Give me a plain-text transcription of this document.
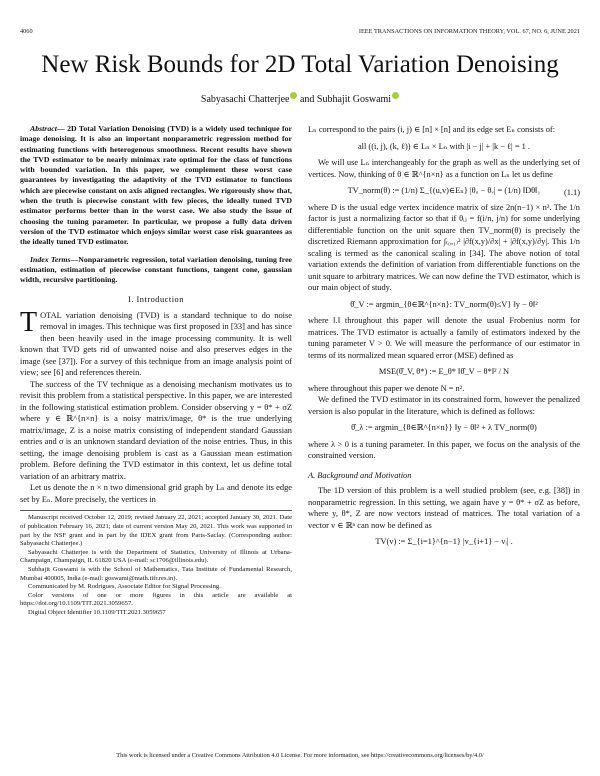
4060	IEEE TRANSACTIONS ON INFORMATION THEORY, VOL. 67, NO. 6, JUNE 2021
New Risk Bounds for 2D Total Variation Denoising
Sabyasachi Chatterjee and Subhajit Goswami

Abstract— 2D Total Variation Denoising (TVD) is a widely used technique for image denoising. It is also an important nonparametric regression method for estimating functions with heterogenous smoothness. Recent results have shown the TVD estimator to be nearly minimax rate optimal for the class of functions with bounded variation. In this paper, we complement these worst case guarantees by investigating the adaptivity of the TVD estimator to functions which are piecewise constant on axis aligned rectangles. We rigorously show that, when the truth is piecewise constant with few pieces, the ideally tuned TVD estimator performs better than in the worst case. We also study the issue of choosing the tuning parameter. In particular, we propose a fully data driven version of the TVD estimator which enjoys similar worst case risk guarantees as the ideally tuned TVD estimator.

Index Terms—Nonparametric regression, total variation denoising, tuning free estimation, estimation of piecewise constant functions, tangent cone, gaussian width, recursive partitioning.

I. Introduction

TOTAL variation denoising (TVD) is a standard technique to do noise removal in images. This technique was first proposed in [33] and has since then been heavily used in the image processing community. It is well known that TVD gets rid of unwanted noise and also preserves edges in the image (see [37]). For a survey of this technique from an image analysis point of view; see [6] and references therein.

The success of the TV technique as a denoising mechanism motivates us to revisit this problem from a statistical perspective. In this paper, we are interested in the following statistical estimation problem. Consider observing y = θ* + σZ where y ∈ ℝ^{n×n} is a noisy matrix/image, θ* is the true underlying matrix/image, Z is a noise matrix consisting of independent standard Gaussian entries and σ is an unknown standard deviation of the noise entries. Thus, in this setting, the image denoising problem is cast as a Gaussian mean estimation problem. Before defining the TVD estimator in this context, let us define total variation of an arbitrary matrix.

Let us denote the n × n two dimensional grid graph by Lₙ and denote its edge set by Eₙ. More precisely, the vertices in

Manuscript received October 12, 2019; revised January 22, 2021; accepted January 30, 2021. Date of publication February 16, 2021; date of current version May 20, 2021. This work was supported in part by the NSF grant and in part by the IDEX grant from Paris-Saclay. (Corresponding author: Sabyasachi Chatterjee.)

Sabyasachi Chatterjee is with the Department of Statistics, University of Illinois at Urbana-Champaign, Champaign, IL 61820 USA (e-mail: sc1706@illinois.edu).

Subhajit Goswami is with the School of Mathematics, Tata Institute of Fundamental Research, Mumbai 400005, India (e-mail: goswami@math.tifr.res.in).

Communicated by M. Rodrigues, Associate Editor for Signal Processing.

Color versions of one or more figures in this article are available at https://doi.org/10.1109/TIT.2021.3059657.

Digital Object Identifier 10.1109/TIT.2021.3059657

Lₙ correspond to the pairs (i, j) ∈ [n] × [n] and its edge set Eₙ consists of:

all ((i, j), (k, ℓ)) ∈ Lₙ × Lₙ with |i − j| + |k − ℓ| = 1 .

We will use Lₙ interchangeably for the graph as well as the underlying set of vertices. Now, thinking of θ ∈ ℝ^{n×n} as a function on Lₙ let us define

TV_norm(θ) := (1/n) Σ_{(u,v)∈Eₙ} |θᵤ − θᵥ| = (1/n) ‖Dθ‖₁	(1.1)

where D is the usual edge vertex incidence matrix of size 2n(n−1) × n². The 1/n factor is just a normalizing factor so that if θᵢⱼ = f(i/n, j/n) for some underlying differentiable function on the unit square then TV_norm(θ) is precisely the discretized Riemann approximation for ∫₍₀,₁₎² |∂f(x,y)/∂x| + |∂f(x,y)/∂y|. This 1/n scaling is termed as the canonical scaling in [34]. The above notion of total variation extends the definition of variation from differentiable functions on the unit square to arbitrary matrices. We can now define the TVD estimator, which is our main object of study.

θ̂_V := argmin_{θ∈ℝ^{n×n}: TV_norm(θ)≤V} ‖y − θ‖²

where ‖.‖ throughout this paper will denote the usual Frobenius norm for matrices. The TVD estimator is actually a family of estimators indexed by the tuning parameter V > 0. We will measure the performance of our estimator in terms of its normalized mean squared error (MSE) defined as

MSE(θ̂_V, θ*) := E_θ* ‖θ̂_V − θ*‖² / N

where throughout this paper we denote N = n².

We defined the TVD estimator in its constrained form, however the penalized version is also popular in the literature, which is defined as follows:

θ̂_λ := argmin_{θ∈ℝ^{n×n}} ‖y − θ‖² + λ TV_norm(θ)

where λ > 0 is a tuning parameter. In this paper, we focus on the analysis of the constrained version.

A. Background and Motivation

The 1D version of this problem is a well studied problem (see, e.g. [38]) in nonparametric regression. In this setting, we again have y = θ* + σZ as before, where y, θ*, Z are now vectors instead of matrices. The total variation of a vector v ∈ ℝⁿ can now be defined as

TV(v) := Σ_{i=1}^{n−1} |v_{i+1} − vᵢ| .
This work is licensed under a Creative Commons Attribution 4.0 License. For more information, see https://creativecommons.org/licenses/by/4.0/
